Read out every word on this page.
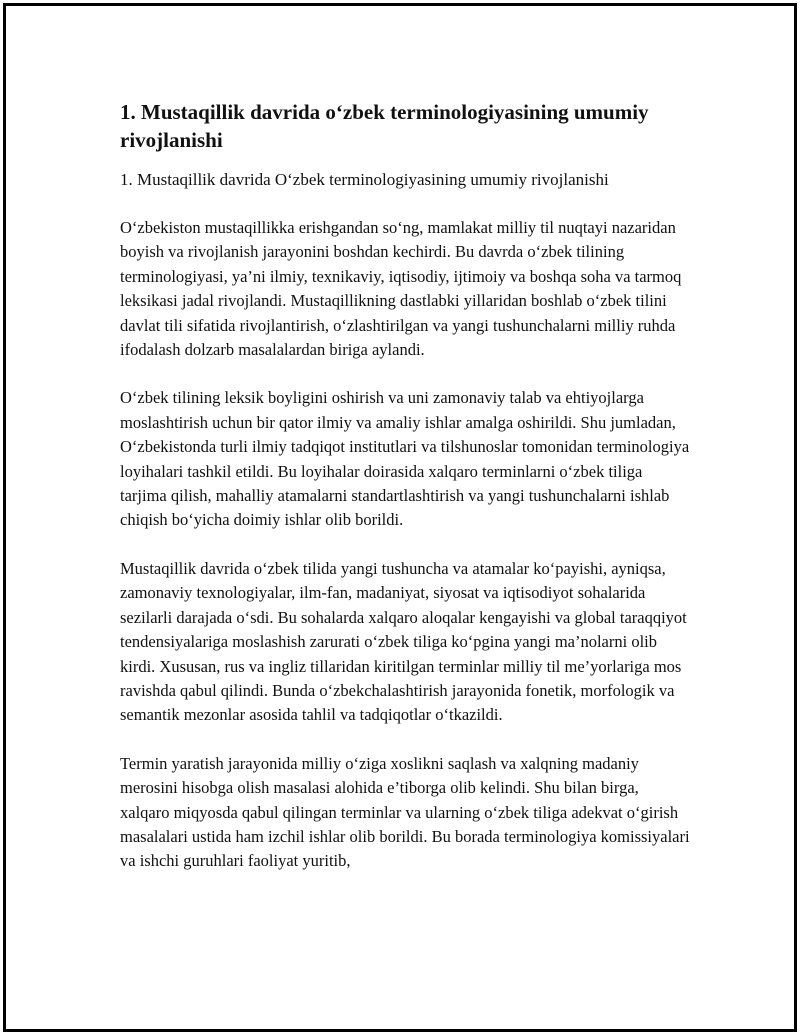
1. Mustaqillik davrida o‘zbek terminologiyasining umumiy rivojlanishi
1. Mustaqillik davrida O‘zbek terminologiyasining umumiy rivojlanishi

O‘zbekiston mustaqillikka erishgandan so‘ng, mamlakat milliy til nuqtayi nazaridan boyish va rivojlanish jarayonini boshdan kechirdi. Bu davrda o‘zbek tilining terminologiyasi, ya’ni ilmiy, texnikaviy, iqtisodiy, ijtimoiy va boshqa soha va tarmoq leksikasi jadal rivojlandi. Mustaqillikning dastlabki yillaridan boshlab o‘zbek tilini davlat tili sifatida rivojlantirish, o‘zlashtirilgan va yangi tushunchalarni milliy ruhda ifodalash dolzarb masalalardan biriga aylandi.

O‘zbek tilining leksik boyligini oshirish va uni zamonaviy talab va ehtiyojlarga moslashtirish uchun bir qator ilmiy va amaliy ishlar amalga oshirildi. Shu jumladan, O‘zbekistonda turli ilmiy tadqiqot institutlari va tilshunoslar tomonidan terminologiya loyihalari tashkil etildi. Bu loyihalar doirasida xalqaro terminlarni o‘zbek tiliga tarjima qilish, mahalliy atamalarni standartlashtirish va yangi tushunchalarni ishlab chiqish bo‘yicha doimiy ishlar olib borildi.

Mustaqillik davrida o‘zbek tilida yangi tushuncha va atamalar ko‘payishi, ayniqsa, zamonaviy texnologiyalar, ilm-fan, madaniyat, siyosat va iqtisodiyot sohalarida sezilarli darajada o‘sdi. Bu sohalarda xalqaro aloqalar kengayishi va global taraqqiyot tendensiyalariga moslashish zarurati o‘zbek tiliga ko‘pgina yangi ma’nolarni olib kirdi. Xususan, rus va ingliz tillaridan kiritilgan terminlar milliy til me’yorlariga mos ravishda qabul qilindi. Bunda o‘zbekchalashtirish jarayonida fonetik, morfologik va semantik mezonlar asosida tahlil va tadqiqotlar o‘tkazildi.

Termin yaratish jarayonida milliy o‘ziga xoslikni saqlash va xalqning madaniy merosini hisobga olish masalasi alohida e’tiborga olib kelindi. Shu bilan birga, xalqaro miqyosda qabul qilingan terminlar va ularning o‘zbek tiliga adekvat o‘girish masalalari ustida ham izchil ishlar olib borildi. Bu borada terminologiya komissiyalari va ishchi guruhlari faoliyat yuritib,
